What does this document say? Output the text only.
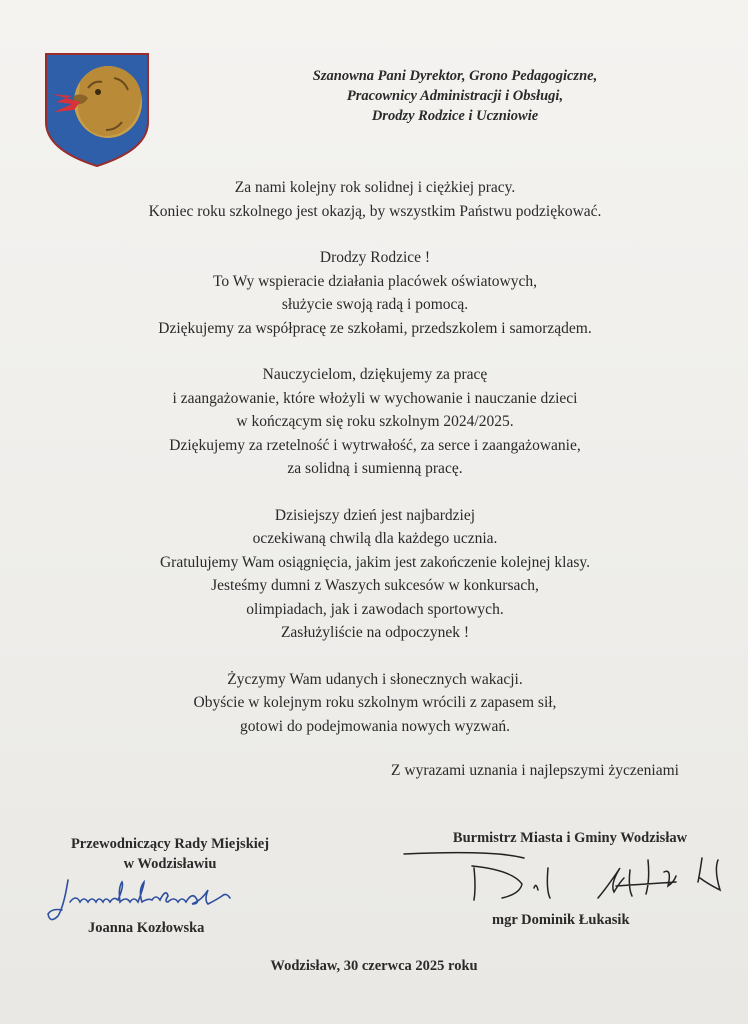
Szanowna Pani Dyrektor, Grono Pedagogiczne,
Pracownicy Administracji i Obsługi,
Drodzy Rodzice i Uczniowie
Za nami kolejny rok solidnej i ciężkiej pracy.
Koniec roku szkolnego jest okazją, by wszystkim Państwu podziękować.
Drodzy Rodzice !
To Wy wspieracie działania placówek oświatowych,
służycie swoją radą i pomocą.
Dziękujemy za współpracę ze szkołami, przedszkolem i samorządem.
Nauczycielom, dziękujemy za pracę
i zaangażowanie, które włożyli w wychowanie i nauczanie dzieci
w kończącym się roku szkolnym 2024/2025.
Dziękujemy za rzetelność i wytrwałość, za serce i zaangażowanie,
za solidną i sumienną pracę.
Dzisiejszy dzień jest najbardziej
oczekiwaną chwilą dla każdego ucznia.
Gratulujemy Wam osiągnięcia, jakim jest zakończenie kolejnej klasy.
Jesteśmy dumni z Waszych sukcesów w konkursach,
olimpiadach, jak i zawodach sportowych.
Zasłużyliście na odpoczynek !
Życzymy Wam udanych i słonecznych wakacji.
Obyście w kolejnym roku szkolnym wrócili z zapasem sił,
gotowi do podejmowania nowych wyzwań.
Z wyrazami uznania i najlepszymi życzeniami
Przewodniczący Rady Miejskiej
w Wodzisławiu
Joanna Kozłowska
Burmistrz Miasta i Gminy Wodzisław
mgr Dominik Łukasik
Wodzisław, 30 czerwca 2025 roku
